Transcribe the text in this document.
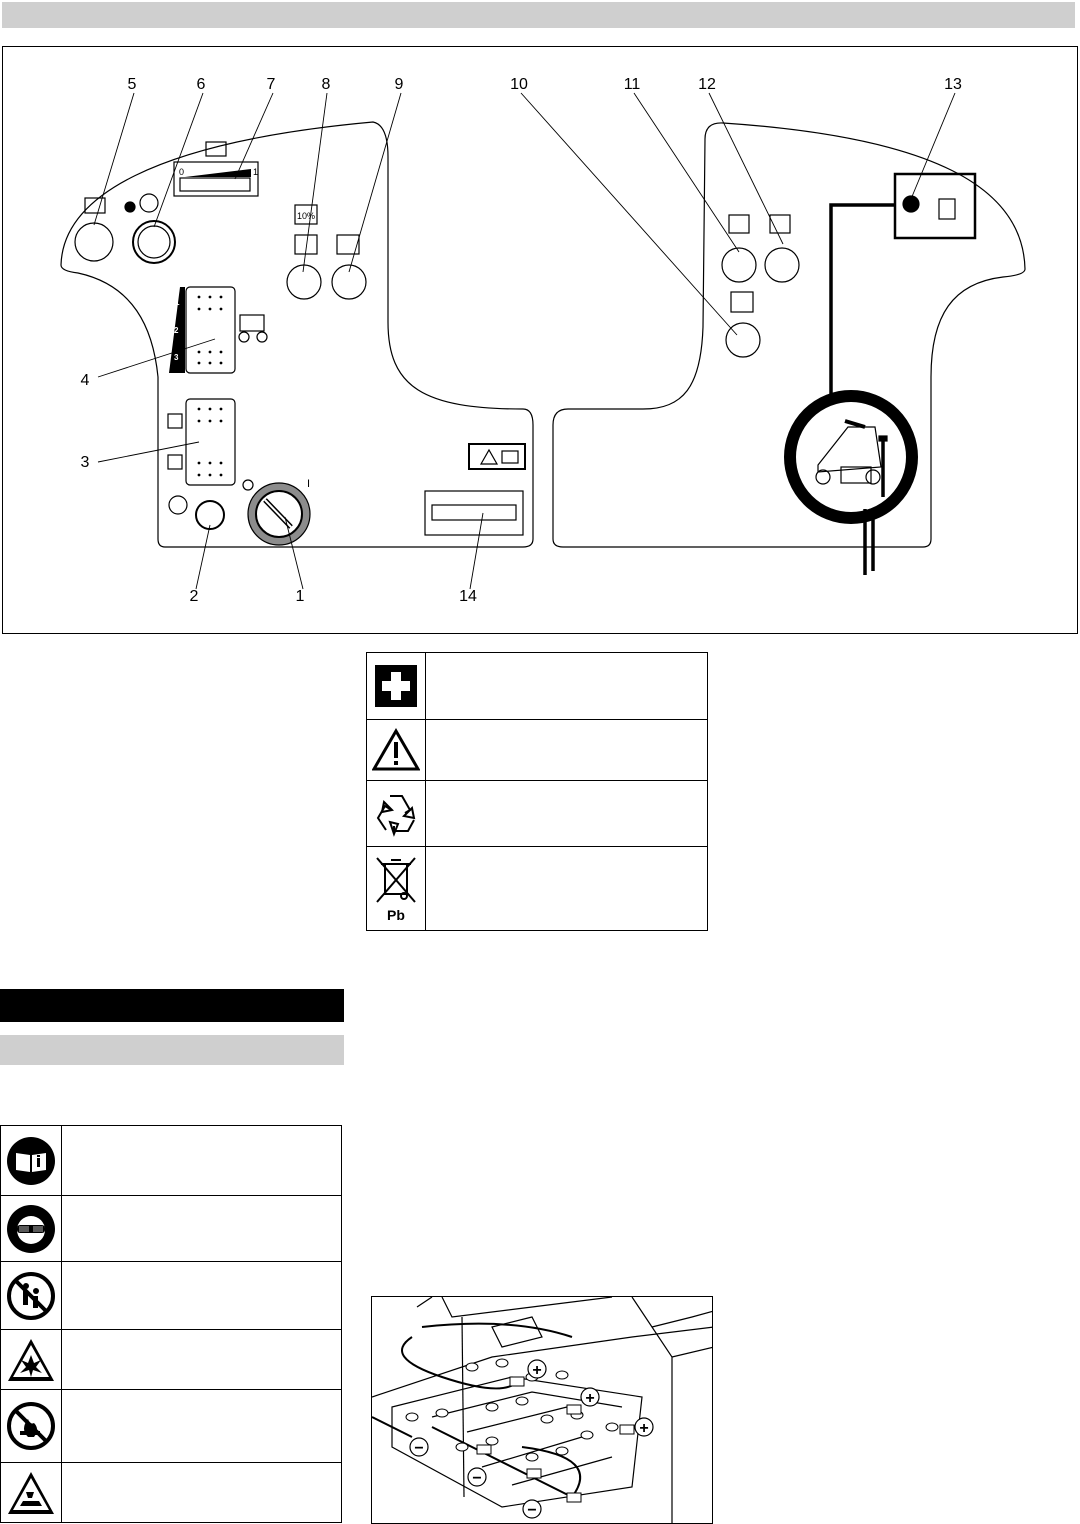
1
2
3
0	1
10%
O	I
5	6	7	8	9	10	11	12	13
4
3
2	1	14

Pb	

+
+
+
−
−
−
